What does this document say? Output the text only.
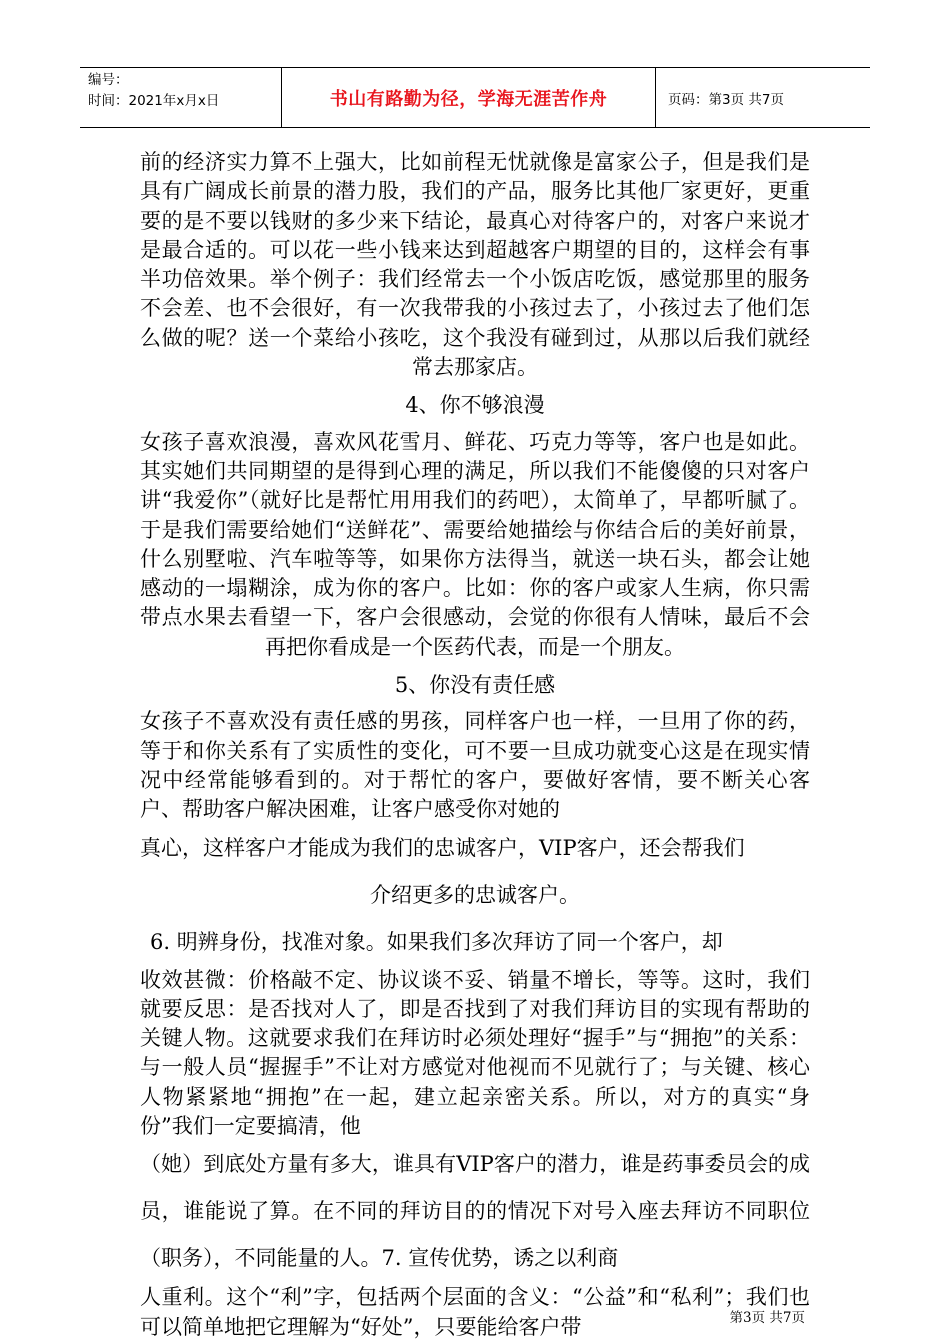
编号：
时间：2021年x月x日	书山有路勤为径，学海无涯苦作舟	页码：第3页 共7页

前的经济实力算不上强大，比如前程无忧就像是富家公子，但是我们是具有广阔成长前景的潜力股，我们的产品，服务比其他厂家更好，更重要的是不要以钱财的多少来下结论，最真心对待客户的，对客户来说才是最合适的。可以花一些小钱来达到超越客户期望的目的，这样会有事半功倍效果。举个例子：我们经常去一个小饭店吃饭，感觉那里的服务不会差、也不会很好，有一次我带我的小孩过去了，小孩过去了他们怎么做的呢？送一个菜给小孩吃，这个我没有碰到过，从那以后我们就经常去那家店。

4、你不够浪漫

女孩子喜欢浪漫，喜欢风花雪月、鲜花、巧克力等等，客户也是如此。其实她们共同期望的是得到心理的满足，所以我们不能傻傻的只对客户讲“我爱你”（就好比是帮忙用用我们的药吧），太简单了，早都听腻了。于是我们需要给她们“送鲜花”、需要给她描绘与你结合后的美好前景，什么别墅啦、汽车啦等等，如果你方法得当，就送一块石头，都会让她感动的一塌糊涂，成为你的客户。比如：你的客户或家人生病，你只需带点水果去看望一下，客户会很感动，会觉的你很有人情味，最后不会再把你看成是一个医药代表，而是一个朋友。

5、你没有责任感

女孩子不喜欢没有责任感的男孩，同样客户也一样，一旦用了你的药，等于和你关系有了实质性的变化，可不要一旦成功就变心这是在现实情况中经常能够看到的。对于帮忙的客户，要做好客情，要不断关心客户、帮助客户解决困难，让客户感受你对她的

真心，这样客户才能成为我们的忠诚客户，VIP客户，还会帮我们

介绍更多的忠诚客户。

6. 明辨身份，找准对象。如果我们多次拜访了同一个客户，却

收效甚微：价格敲不定、协议谈不妥、销量不增长，等等。这时，我们就要反思：是否找对人了，即是否找到了对我们拜访目的实现有帮助的关键人物。这就要求我们在拜访时必须处理好“握手”与“拥抱”的关系：与一般人员“握握手”不让对方感觉对他视而不见就行了；与关键、核心人物紧紧地“拥抱”在一起，建立起亲密关系。所以，对方的真实“身份”我们一定要搞清，他

（她）到底处方量有多大，谁具有VIP客户的潜力，谁是药事委员会的成员，谁能说了算。在不同的拜访目的的情况下对号入座去拜访不同职位（职务），不同能量的人。7. 宣传优势，诱之以利商

人重利。这个“利”字，包括两个层面的含义：“公益”和“私利”；我们也可以简单地把它理解为“好处”，只要能给客户带	第3页 共7页
